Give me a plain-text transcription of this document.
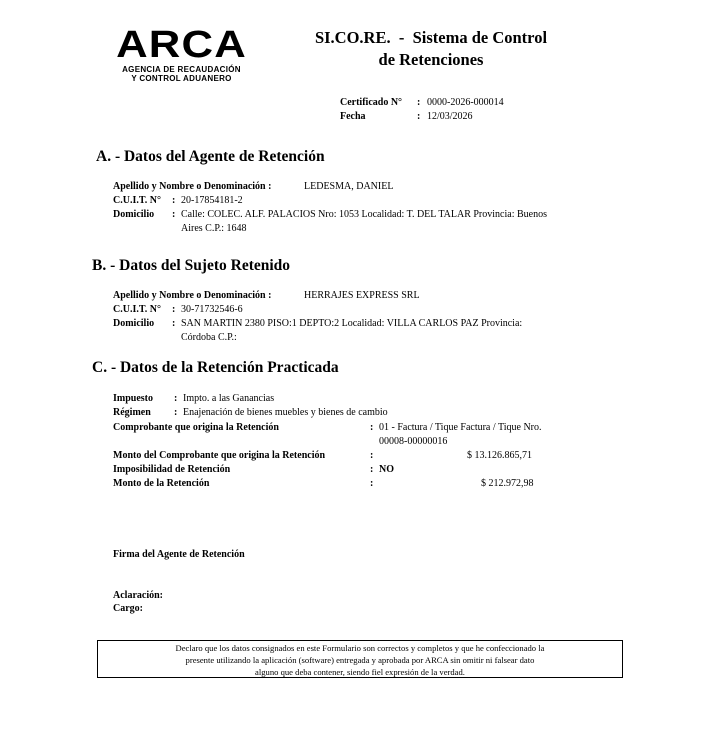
ARCA
AGENCIA DE RECAUDACIÓN
Y CONTROL ADUANERO
SI.CO.RE.  -  Sistema de Control
de Retenciones
Certificado N° : 0000-2026-000014
Fecha	: 12/03/2026
A. - Datos del Agente de Retención
Apellido y Nombre o Denominación :	LEDESMA, DANIEL
C.U.I.T. N° : 20-17854181-2
Domicilio : Calle: COLEC. ALF. PALACIOS Nro: 1053 Localidad: T. DEL TALAR Provincia: Buenos
Aires C.P.: 1648
B. - Datos del Sujeto Retenido
Apellido y Nombre o Denominación :	HERRAJES EXPRESS SRL
C.U.I.T. N° : 30-71732546-6
Domicilio : SAN MARTIN 2380 PISO:1 DEPTO:2 Localidad: VILLA CARLOS PAZ Provincia:
Córdoba C.P.:
C. - Datos de la Retención Practicada
Impuesto : Impto. a las Ganancias
Régimen : Enajenación de bienes muebles y bienes de cambio
Comprobante que origina la Retención	: 01 - Factura / Tique Factura / Tique Nro.
00008-00000016
Monto del Comprobante que origina la Retención	:	$ 13.126.865,71
Imposibilidad de Retención	: NO
Monto de la Retención	:	$ 212.972,98
Firma del Agente de Retención
Aclaración:
Cargo:
Declaro que los datos consignados en este Formulario son correctos y completos y que he confeccionado la
presente utilizando la aplicación (software) entregada y aprobada por ARCA sin omitir ni falsear dato
alguno que deba contener, siendo fiel expresión de la verdad.
